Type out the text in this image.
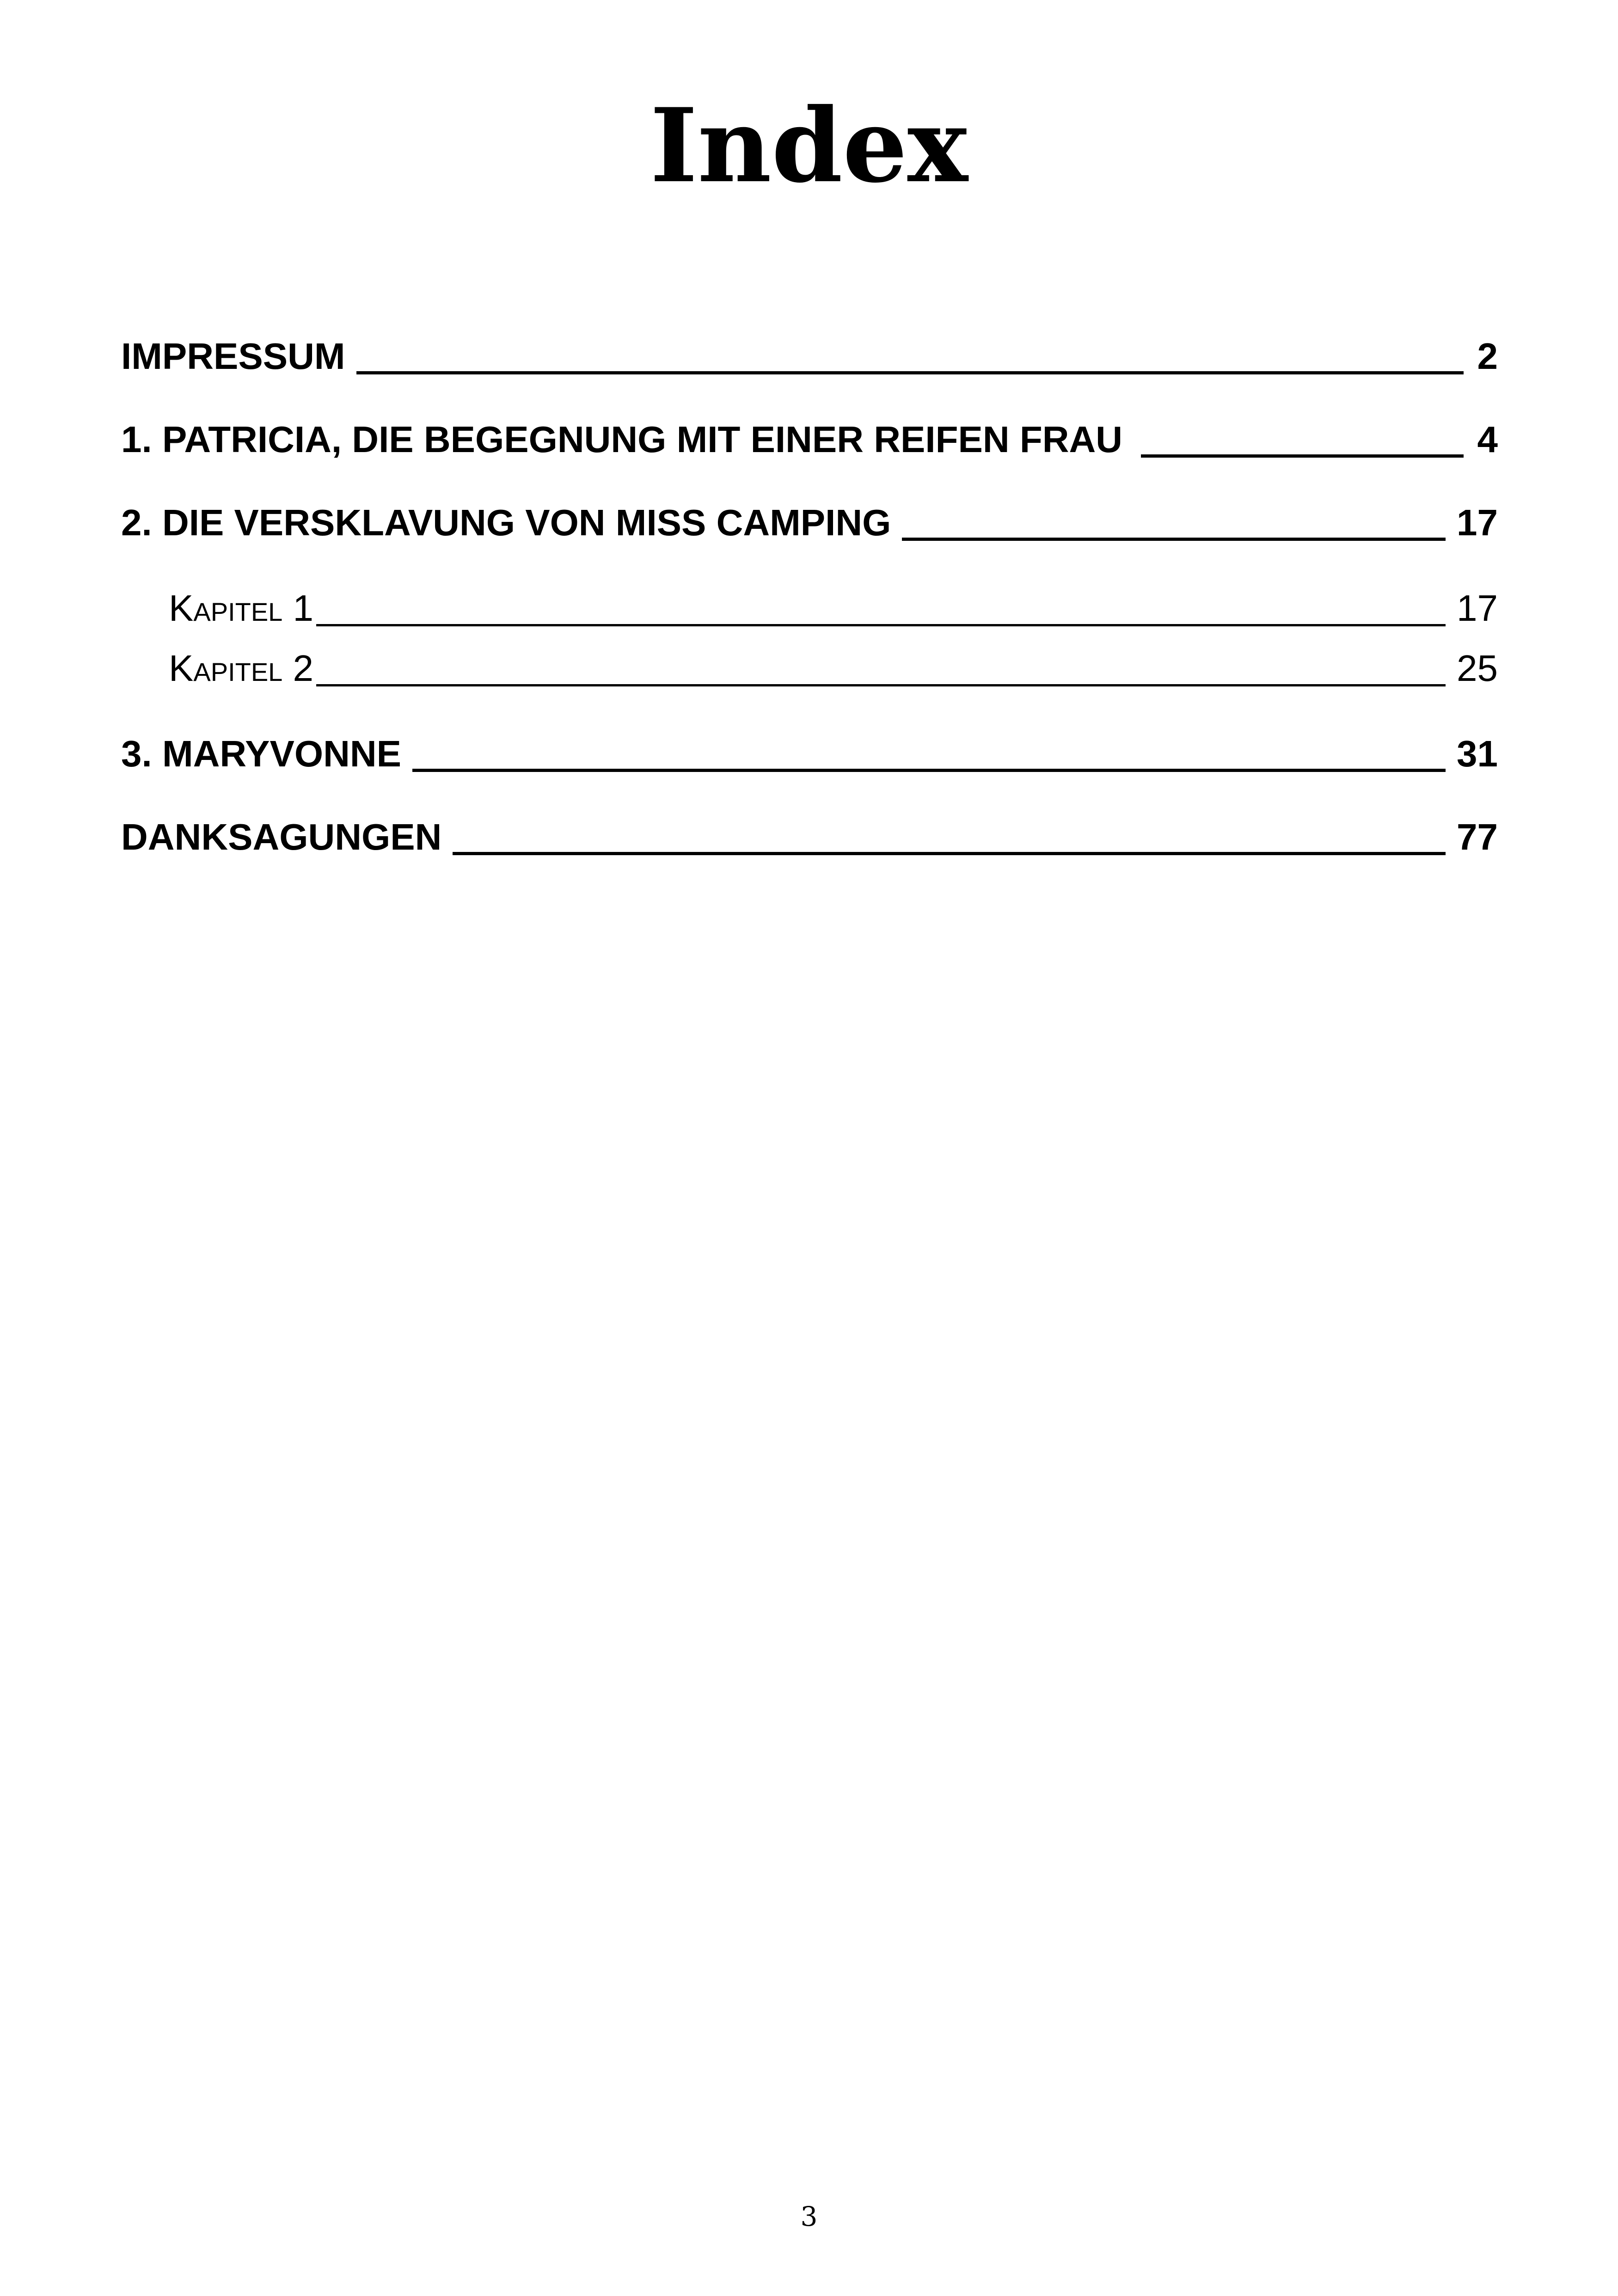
Index
IMPRESSUM	2
1. PATRICIA, DIE BEGEGNUNG MIT EINER REIFEN FRAU	4
2. DIE VERSKLAVUNG VON MISS CAMPING	17
Kapitel 1	17
Kapitel 2	25
3. MARYVONNE	31
DANKSAGUNGEN	77
3
